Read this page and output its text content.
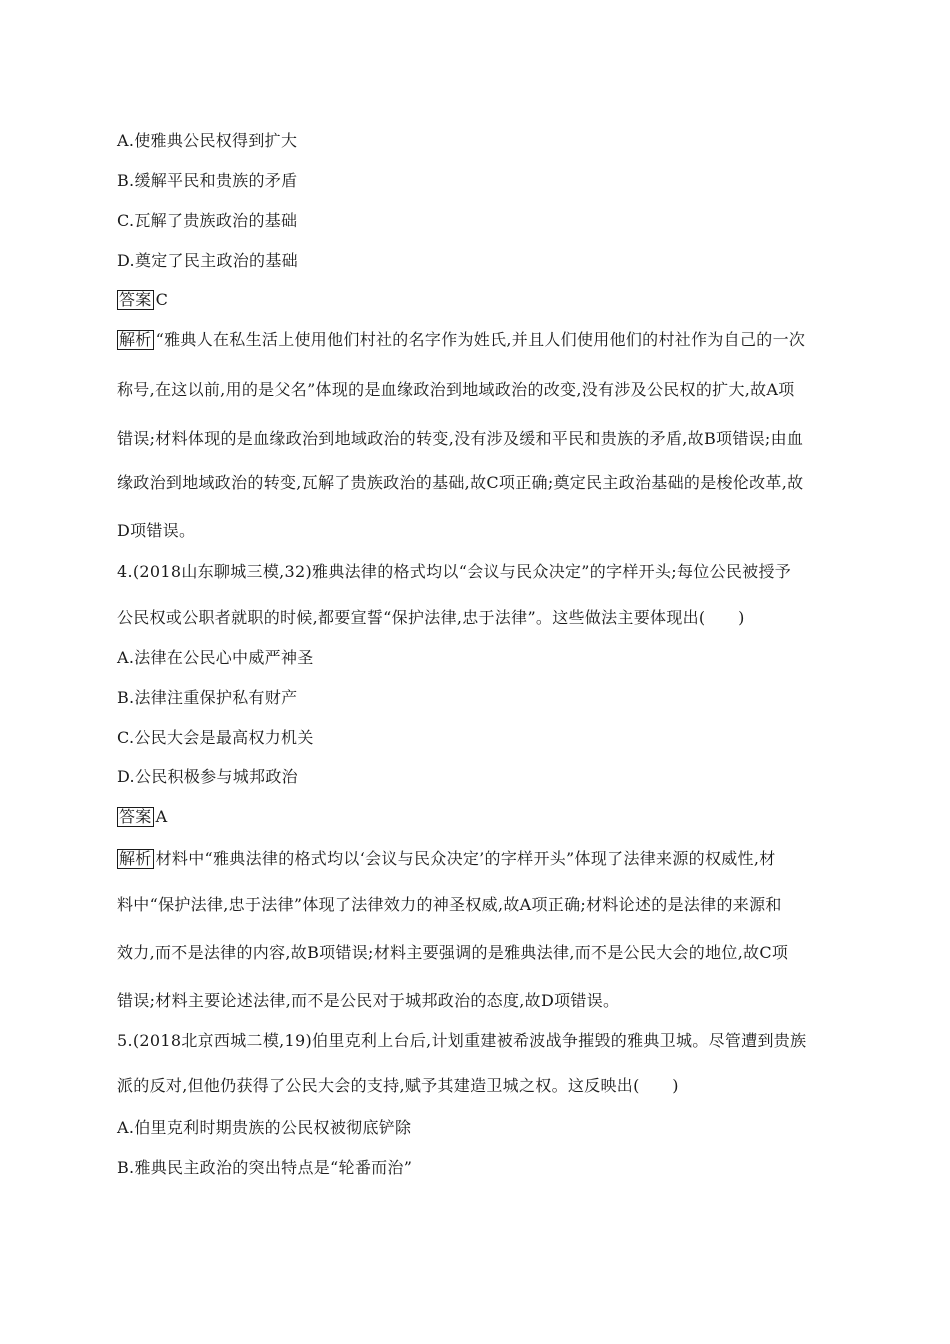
A.使雅典公民权得到扩大
B.缓解平民和贵族的矛盾
C.瓦解了贵族政治的基础
D.奠定了民主政治的基础
答案 C
解析 “雅典人在私生活上使用他们村社的名字作为姓氏,并且人们使用他们的村社作为自己的一次
称号,在这以前,用的是父名”体现的是血缘政治到地域政治的改变,没有涉及公民权的扩大,故A项
错误;材料体现的是血缘政治到地域政治的转变,没有涉及缓和平民和贵族的矛盾,故B项错误;由血
缘政治到地域政治的转变,瓦解了贵族政治的基础,故C项正确;奠定民主政治基础的是梭伦改革,故
D项错误。
4.(2018山东聊城三模,32)雅典法律的格式均以“会议与民众决定”的字样开头;每位公民被授予
公民权或公职者就职的时候,都要宣誓“保护法律,忠于法律”。这些做法主要体现出(　　)
A.法律在公民心中威严神圣
B.法律注重保护私有财产
C.公民大会是最高权力机关
D.公民积极参与城邦政治
答案 A
解析 材料中“雅典法律的格式均以‘会议与民众决定’的字样开头”体现了法律来源的权威性,材
料中“保护法律,忠于法律”体现了法律效力的神圣权威,故A项正确;材料论述的是法律的来源和
效力,而不是法律的内容,故B项错误;材料主要强调的是雅典法律,而不是公民大会的地位,故C项
错误;材料主要论述法律,而不是公民对于城邦政治的态度,故D项错误。
5.(2018北京西城二模,19)伯里克利上台后,计划重建被希波战争摧毁的雅典卫城。尽管遭到贵族
派的反对,但他仍获得了公民大会的支持,赋予其建造卫城之权。这反映出(　　)
A.伯里克利时期贵族的公民权被彻底铲除
B.雅典民主政治的突出特点是“轮番而治”
